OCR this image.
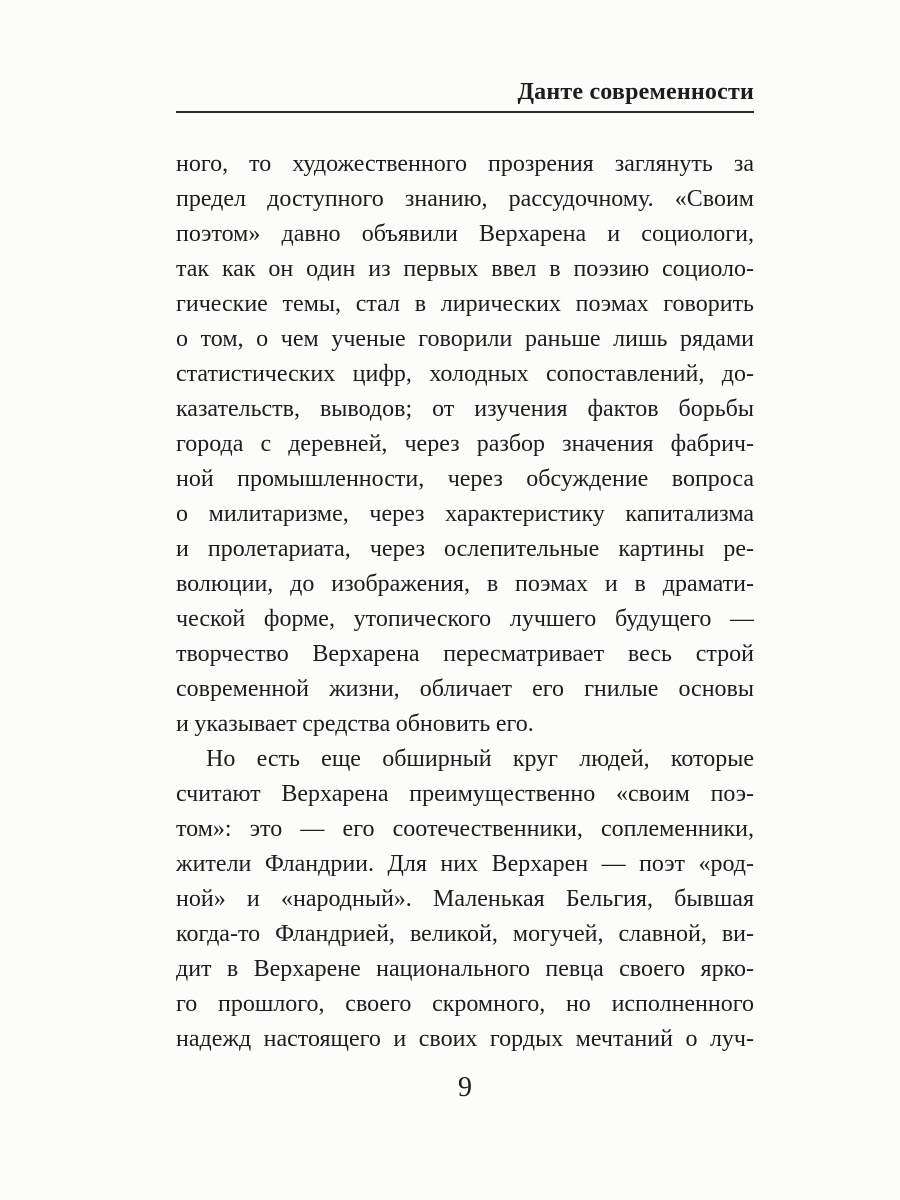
Данте современности
ного, то художественного прозрения заглянуть за
предел доступного знанию, рассудочному. «Своим
поэтом» давно объявили Верхарена и социологи,
так как он один из первых ввел в поэзию социоло-
гические темы, стал в лирических поэмах говорить
о том, о чем ученые говорили раньше лишь рядами
статистических цифр, холодных сопоставлений, до-
казательств, выводов; от изучения фактов борьбы
города с деревней, через разбор значения фабрич-
ной промышленности, через обсуждение вопроса
о милитаризме, через характеристику капитализма
и пролетариата, через ослепительные картины ре-
волюции, до изображения, в поэмах и в драмати-
ческой форме, утопического лучшего будущего —
творчество Верхарена пересматривает весь строй
современной жизни, обличает его гнилые основы
и указывает средства обновить его.
Но есть еще обширный круг людей, которые
считают Верхарена преимущественно «своим поэ-
том»: это — его соотечественники, соплеменники,
жители Фландрии. Для них Верхарен — поэт «род-
ной» и «народный». Маленькая Бельгия, бывшая
когда-то Фландрией, великой, могучей, славной, ви-
дит в Верхарене национального певца своего ярко-
го прошлого, своего скромного, но исполненного
надежд настоящего и своих гордых мечтаний о луч-
9
